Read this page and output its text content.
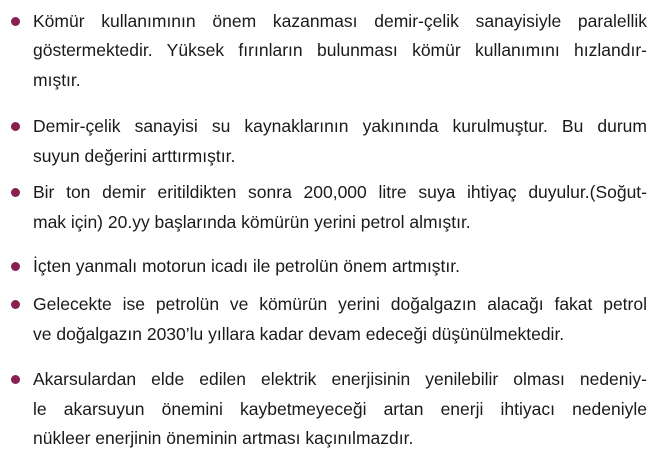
Kömür kullanımının önem kazanması demir-çelik sanayisiyle paralellik
göstermektedir. Yüksek fırınların bulunması kömür kullanımını hızlandır-
mıştır.
Demir-çelik sanayisi su kaynaklarının yakınında kurulmuştur. Bu durum
suyun değerini arttırmıştır.
Bir ton demir eritildikten sonra 200,000 litre suya ihtiyaç duyulur.(Soğut-
mak için) 20.yy başlarında kömürün yerini petrol almıştır.
İçten yanmalı motorun icadı ile petrolün önem artmıştır.
Gelecekte ise petrolün ve kömürün yerini doğalgazın alacağı fakat petrol
ve doğalgazın 2030’lu yıllara kadar devam edeceği düşünülmektedir.
Akarsulardan elde edilen elektrik enerjisinin yenilebilir olması nedeniy-
le akarsuyun önemini kaybetmeyeceği artan enerji ihtiyacı nedeniyle
nükleer enerjinin öneminin artması kaçınılmazdır.
